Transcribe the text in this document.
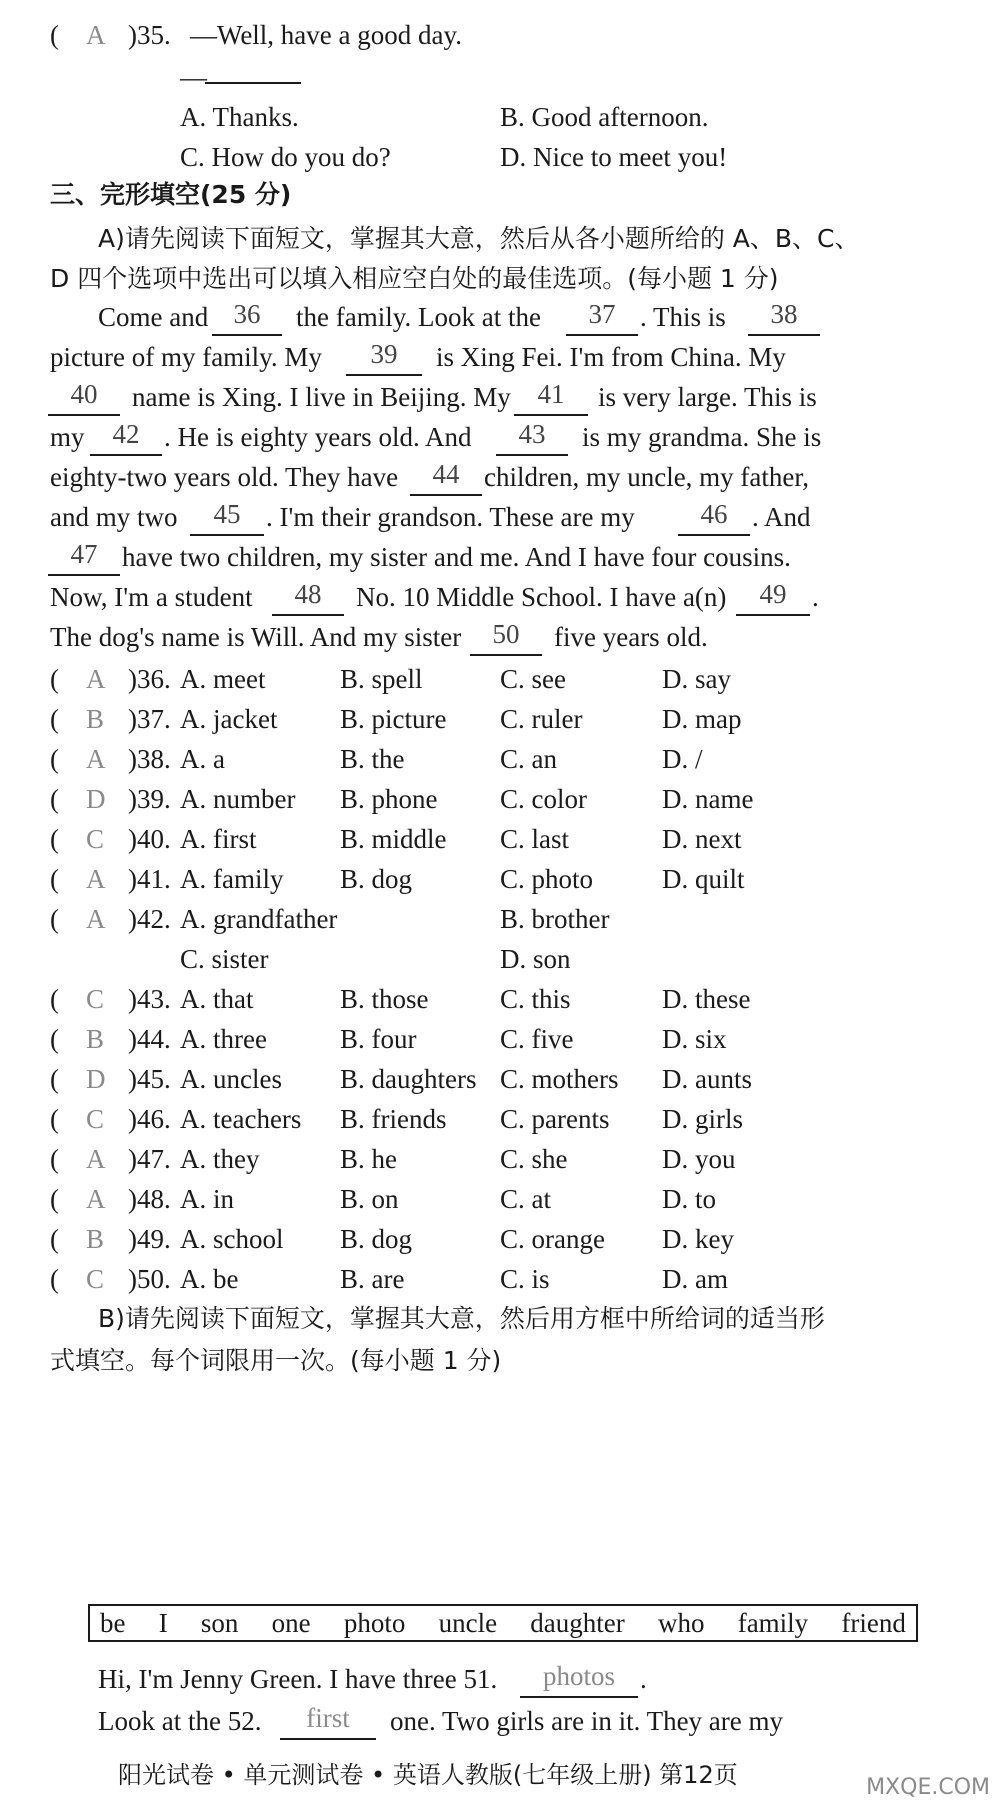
( A )35. —Well, have a good day.
—
A. Thanks.	B. Good afternoon.
C. How do you do?	D. Nice to meet you!
三、完形填空(25 分)
A)请先阅读下面短文，掌握其大意，然后从各小题所给的 A、B、C、
D 四个选项中选出可以填入相应空白处的最佳选项。(每小题 1 分)
Come and 36	the family. Look at the	37 . This is	38
picture of my family. My	39	is Xing Fei. I'm from China. My
40	name is Xing. I live in Beijing. My 41	is very large. This is
my	42 . He is eighty years old. And	43	is my grandma. She is
eighty-two years old. They have	44 children, my uncle, my father,
and my two	45 . I'm their grandson. These are my	46 . And
47 have two children, my sister and me. And I have four cousins.
Now, I'm a student	48	No. 10 Middle School. I have a(n)	49 .
The dog's name is Will. And my sister	50	five years old.
( A )36. A. meet	B. spell	C. see	D. say
( B )37. A. jacket B. picture C. ruler	D. map
( A )38. A. a	B. the	C. an	D. /
( D )39. A. number B. phone C. color	D. name
( C )40. A. first	B. middle C. last	D. next
( A )41. A. family B. dog	C. photo	D. quilt
( A )42. A. grandfather	B. brother
C. sister	D. son
( C )43. A. that	B. those	C. this	D. these
( B )44. A. three	B. four	C. five	D. six
( D )45. A. uncles B. daughters C. mothers D. aunts
( C )46. A. teachers B. friends C. parents D. girls
( A )47. A. they	B. he	C. she	D. you
( A )48. A. in	B. on	C. at	D. to
( B )49. A. school B. dog	C. orange D. key
( C )50. A. be	B. are	C. is	D. am
B)请先阅读下面短文，掌握其大意，然后用方框中所给词的适当形
式填空。每个词限用一次。(每小题 1 分)
be I son one photo uncle daughter who family friend
Hi, I'm Jenny Green. I have three 51.	photos .
Look at the 52.	first	one. Two girls are in it. They are my
阳光试卷 • 单元测试卷 • 英语人教版(七年级上册) 第12页	MXQE.COM
